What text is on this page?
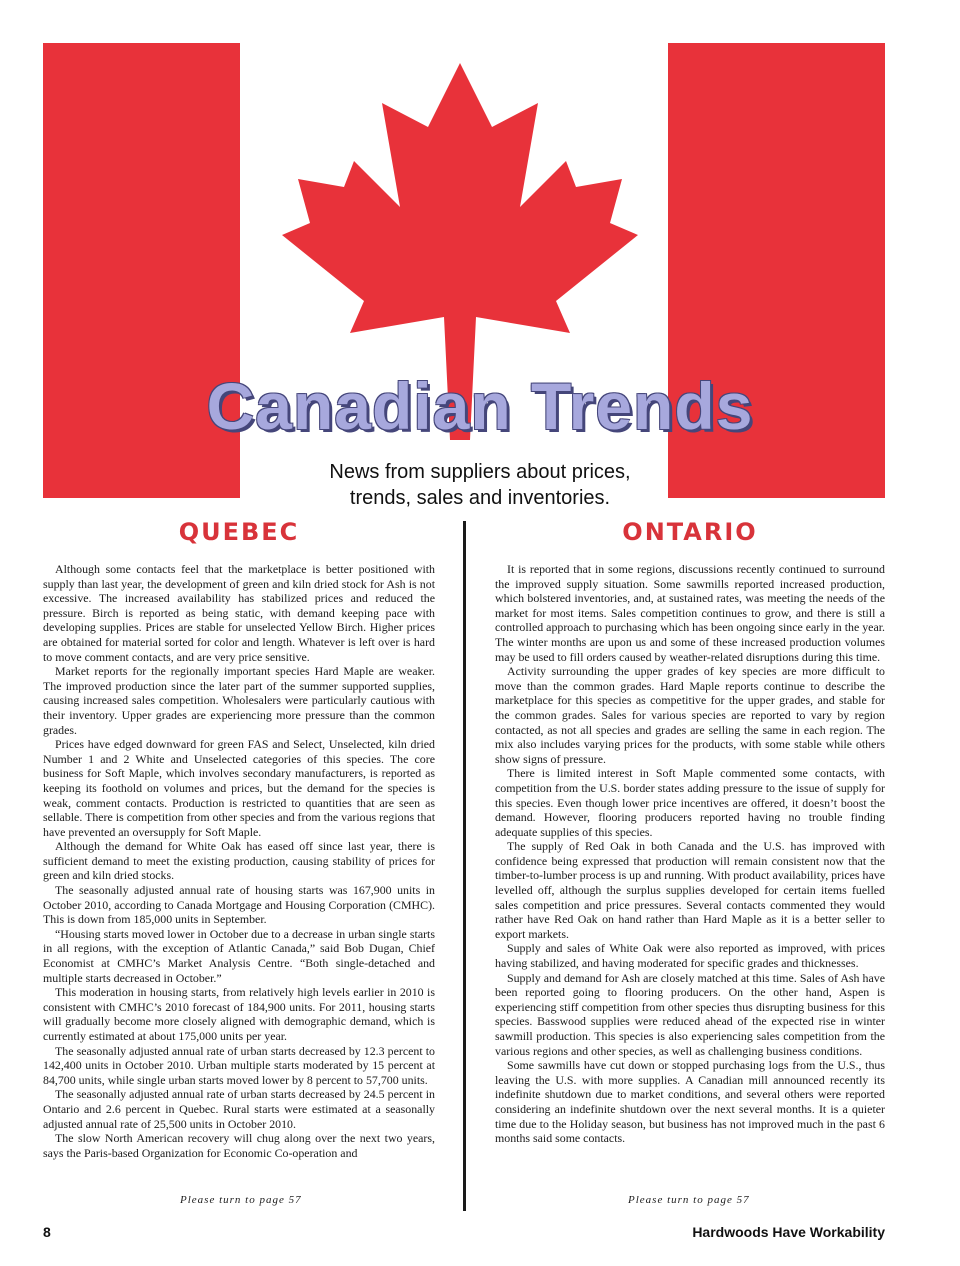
Canadian Trends
News from suppliers about prices,
trends, sales and inventories.
QUEBEC

Although some contacts feel that the marketplace is better positioned with supply than last year, the development of green and kiln dried stock for Ash is not excessive. The increased availability has stabilized prices and reduced the pressure. Birch is reported as being static, with demand keeping pace with developing supplies. Prices are stable for unselected Yellow Birch. Higher prices are obtained for material sorted for color and length. Whatever is left over is hard to move comment contacts, and are very price sensitive.

Market reports for the regionally important species Hard Maple are weaker. The improved production since the later part of the summer supported supplies, causing increased sales competition. Wholesalers were particularly cautious with their inventory. Upper grades are experiencing more pressure than the common grades.

Prices have edged downward for green FAS and Select, Unselected, kiln dried Number 1 and 2 White and Unselected categories of this species. The core business for Soft Maple, which involves secondary manufacturers, is reported as keeping its foothold on volumes and prices, but the demand for the species is weak, comment contacts. Production is restricted to quantities that are seen as sellable. There is competition from other species and from the various regions that have prevented an oversupply for Soft Maple.

Although the demand for White Oak has eased off since last year, there is sufficient demand to meet the existing production, causing stability of prices for green and kiln dried stocks.

The seasonally adjusted annual rate of housing starts was 167,900 units in October 2010, according to Canada Mortgage and Housing Corporation (CMHC). This is down from 185,000 units in September.

“Housing starts moved lower in October due to a decrease in urban single starts in all regions, with the exception of Atlantic Canada,” said Bob Dugan, Chief Economist at CMHC’s Market Analysis Centre. “Both single-detached and multiple starts decreased in October.”

This moderation in housing starts, from relatively high levels earlier in 2010 is consistent with CMHC’s 2010 forecast of 184,900 units. For 2011, housing starts will gradually become more closely aligned with demographic demand, which is currently estimated at about 175,000 units per year.

The seasonally adjusted annual rate of urban starts decreased by 12.3 percent to 142,400 units in October 2010. Urban multiple starts moderated by 15 percent at 84,700 units, while single urban starts moved lower by 8 percent to 57,700 units.

The seasonally adjusted annual rate of urban starts decreased by 24.5 percent in Ontario and 2.6 percent in Quebec. Rural starts were estimated at a seasonally adjusted annual rate of 25,500 units in October 2010.

The slow North American recovery will chug along over the next two years, says the Paris-based Organization for Economic Co-operation and

ONTARIO

It is reported that in some regions, discussions recently continued to surround the improved supply situation. Some sawmills reported increased production, which bolstered inventories, and, at sustained rates, was meeting the needs of the market for most items. Sales competition continues to grow, and there is still a controlled approach to purchasing which has been ongoing since early in the year. The winter months are upon us and some of these increased production volumes may be used to fill orders caused by weather-related disruptions during this time.

Activity surrounding the upper grades of key species are more difficult to move than the common grades. Hard Maple reports continue to describe the marketplace for this species as competitive for the upper grades, and stable for the common grades. Sales for various species are reported to vary by region contacted, as not all species and grades are selling the same in each region. The mix also includes varying prices for the products, with some stable while others show signs of pressure.

There is limited interest in Soft Maple commented some contacts, with competition from the U.S. border states adding pressure to the issue of supply for this species. Even though lower price incentives are offered, it doesn’t boost the demand. However, flooring producers reported having no trouble finding adequate supplies of this species.

The supply of Red Oak in both Canada and the U.S. has improved with confidence being expressed that production will remain consistent now that the timber-to-lumber process is up and running. With product availability, prices have levelled off, although the surplus supplies developed for certain items fuelled sales competition and price pressures. Several contacts commented they would rather have Red Oak on hand rather than Hard Maple as it is a better seller to export markets.

Supply and sales of White Oak were also reported as improved, with prices having stabilized, and having moderated for specific grades and thicknesses.

Supply and demand for Ash are closely matched at this time. Sales of Ash have been reported going to flooring producers. On the other hand, Aspen is experiencing stiff competition from other species thus disrupting business for this species. Basswood supplies were reduced ahead of the expected rise in winter sawmill production. This species is also experiencing sales competition from the various regions and other species, as well as challenging business conditions.

Some sawmills have cut down or stopped purchasing logs from the U.S., thus leaving the U.S. with more supplies. A Canadian mill announced recently its indefinite shutdown due to market conditions, and several others were reported considering an indefinite shutdown over the next several months. It is a quieter time due to the Holiday season, but business has not improved much in the past 6 months said some contacts.

Please turn to page 57	Please turn to page 57
8	Hardwoods Have Workability
